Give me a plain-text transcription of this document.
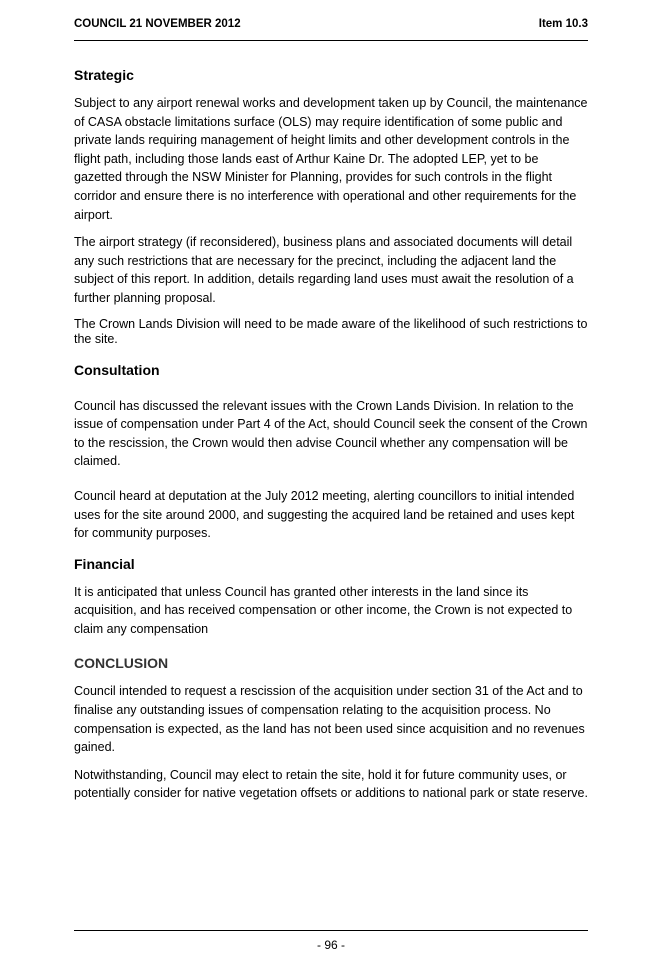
COUNCIL 21 NOVEMBER 2012	Item 10.3
Strategic

Subject to any airport renewal works and development taken up by Council, the maintenance of CASA obstacle limitations surface (OLS) may require identification of some public and private lands requiring management of height limits and other development controls in the flight path, including those lands east of Arthur Kaine Dr. The adopted LEP, yet to be gazetted through the NSW Minister for Planning, provides for such controls in the flight corridor and ensure there is no interference with operational and other requirements for the airport.

The airport strategy (if reconsidered), business plans and associated documents will detail any such restrictions that are necessary for the precinct, including the adjacent land the subject of this report. In addition, details regarding land uses must await the resolution of a further planning proposal.

The Crown Lands Division will need to be made aware of the likelihood of such restrictions to the site.

Consultation

Council has discussed the relevant issues with the Crown Lands Division. In relation to the issue of compensation under Part 4 of the Act, should Council seek the consent of the Crown to the rescission, the Crown would then advise Council whether any compensation will be claimed.

Council heard at deputation at the July 2012 meeting, alerting councillors to initial intended uses for the site around 2000, and suggesting the acquired land be retained and uses kept for community purposes.

Financial

It is anticipated that unless Council has granted other interests in the land since its acquisition, and has received compensation or other income, the Crown is not expected to claim any compensation

CONCLUSION

Council intended to request a rescission of the acquisition under section 31 of the Act and to finalise any outstanding issues of compensation relating to the acquisition process. No compensation is expected, as the land has not been used since acquisition and no revenues gained.

Notwithstanding, Council may elect to retain the site, hold it for future community uses, or potentially consider for native vegetation offsets or additions to national park or state reserve.

- 96 -
